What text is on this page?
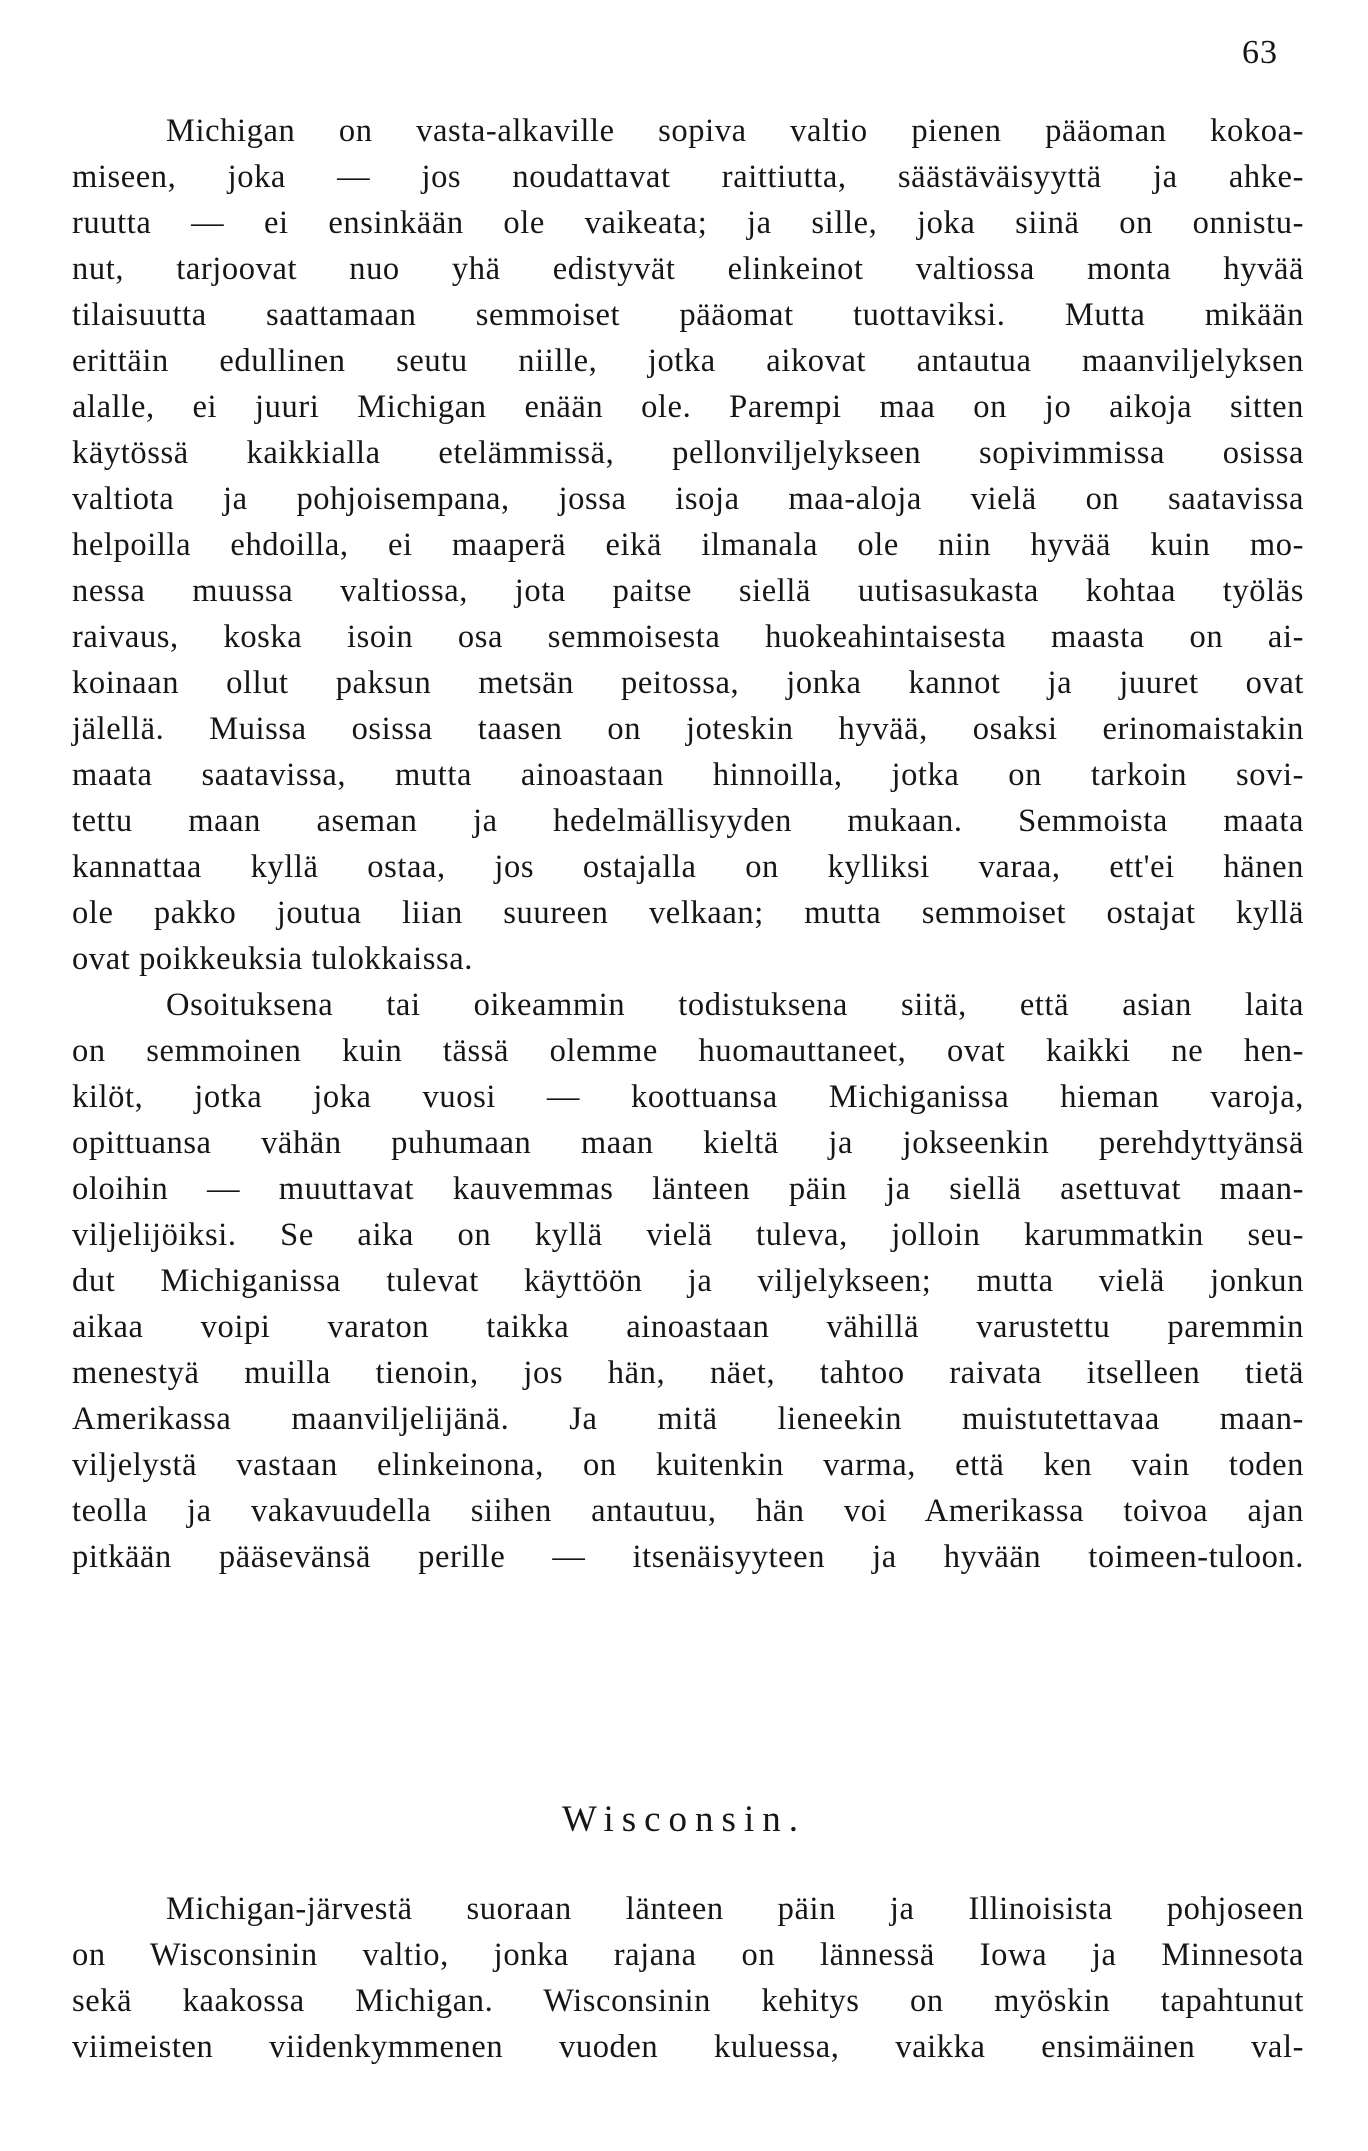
63
Michigan on vasta-alkaville sopiva valtio pienen pääoman kokoa-
miseen, joka — jos noudattavat raittiutta, säästäväisyyttä ja ahke-
ruutta — ei ensinkään ole vaikeata; ja sille, joka siinä on onnistu-
nut, tarjoovat nuo yhä edistyvät elinkeinot valtiossa monta hyvää
tilaisuutta saattamaan semmoiset pääomat tuottaviksi. Mutta mikään
erittäin edullinen seutu niille, jotka aikovat antautua maanviljelyksen
alalle, ei juuri Michigan enään ole. Parempi maa on jo aikoja sitten
käytössä kaikkialla etelämmissä, pellonviljelykseen sopivimmissa osissa
valtiota ja pohjoisempana, jossa isoja maa-aloja vielä on saatavissa
helpoilla ehdoilla, ei maaperä eikä ilmanala ole niin hyvää kuin mo-
nessa muussa valtiossa, jota paitse siellä uutisasukasta kohtaa työläs
raivaus, koska isoin osa semmoisesta huokeahintaisesta maasta on ai-
koinaan ollut paksun metsän peitossa, jonka kannot ja juuret ovat
jälellä. Muissa osissa taasen on joteskin hyvää, osaksi erinomaistakin
maata saatavissa, mutta ainoastaan hinnoilla, jotka on tarkoin sovi-
tettu maan aseman ja hedelmällisyyden mukaan. Semmoista maata
kannattaa kyllä ostaa, jos ostajalla on kylliksi varaa, ett'ei hänen
ole pakko joutua liian suureen velkaan; mutta semmoiset ostajat kyllä
ovat poikkeuksia tulokkaissa.
Osoituksena tai oikeammin todistuksena siitä, että asian laita
on semmoinen kuin tässä olemme huomauttaneet, ovat kaikki ne hen-
kilöt, jotka joka vuosi — koottuansa Michiganissa hieman varoja,
opittuansa vähän puhumaan maan kieltä ja jokseenkin perehdyttyänsä
oloihin — muuttavat kauvemmas länteen päin ja siellä asettuvat maan-
viljelijöiksi. Se aika on kyllä vielä tuleva, jolloin karummatkin seu-
dut Michiganissa tulevat käyttöön ja viljelykseen; mutta vielä jonkun
aikaa voipi varaton taikka ainoastaan vähillä varustettu paremmin
menestyä muilla tienoin, jos hän, näet, tahtoo raivata itselleen tietä
Amerikassa maanviljelijänä. Ja mitä lieneekin muistutettavaa maan-
viljelystä vastaan elinkeinona, on kuitenkin varma, että ken vain toden
teolla ja vakavuudella siihen antautuu, hän voi Amerikassa toivoa ajan
pitkään pääsevänsä perille — itsenäisyyteen ja hyvään toimeen-tuloon.
Wisconsin.
Michigan-järvestä suoraan länteen päin ja Illinoisista pohjoseen
on Wisconsinin valtio, jonka rajana on lännessä Iowa ja Minnesota
sekä kaakossa Michigan. Wisconsinin kehitys on myöskin tapahtunut
viimeisten viidenkymmenen vuoden kuluessa, vaikka ensimäinen val-
